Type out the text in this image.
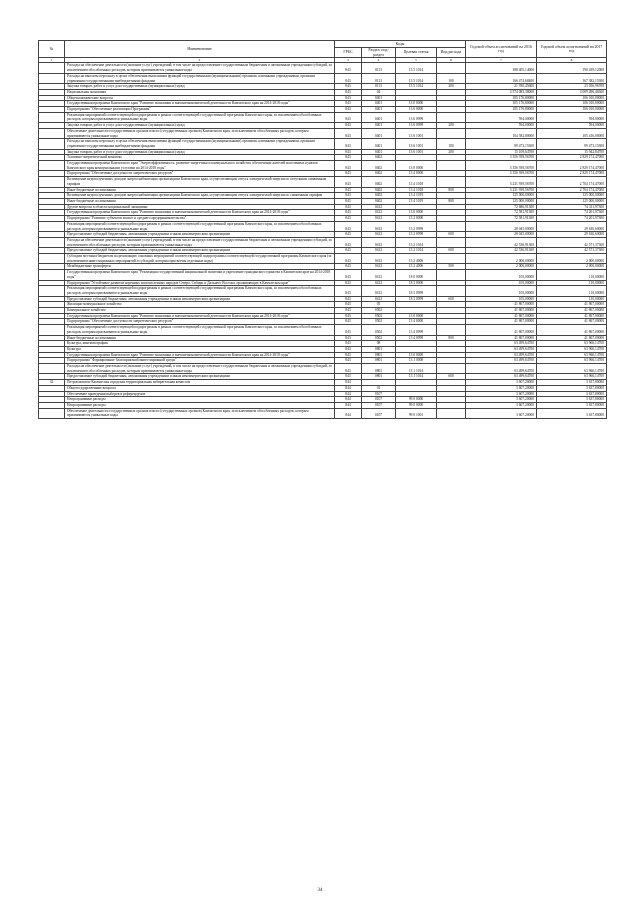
№	Наименование	Коды				Годовой объем ассигнований на 2016 год	Годовой объем ассигнований на 2017 год
		ГРБС	Раздел, под-раздел	Целевая статья	Вид расхода		
1	2	3	4	5	6	7	8
	Расходы на обеспечение деятельности (оказание услуг) учреждений, в том числе на предоставление государственным бюджетным и автономным учреждениям субсидий, за исключением обособленных расходов, которым присваиваются уникальные коды	843	0113	13 5 1014		188 405,14000	190 439,12000
	Расходы на выплаты персоналу в целях обеспечения выполнения функций государственными (муниципальными) органами, казенными учреждениями, органами управления государственными внебюджетными фондами	843	0113	13 5 1014	100	166 474,68400	167 382,15300
	Закупка товаров, работ и услуг для государственных (муниципальных) нужд	843	0113	13 5 1014	200	21 930,45600	23 056,96700
	Национальная экономика	843	04			3 574 083,38000	3 009 496,46300
	Общеэкономические вопросы	843	0401			105 176,80000	106 010,00000
	Государственная программа Камчатского края "Развитие экономики и внешнеэкономической деятельности Камчатского края на 2014-2018 годы"	843	0401	13 0 0000		105 176,80000	106 010,00000
	Подпрограмма "Обеспечение реализации Программы"	843	0401	13 6 0000		105 176,80000	106 010,00000
	Реализация мероприятий соответствующей подпрограммы в рамках соответствующей государственной программы Камчатского края, за исключением обособленных расходов, которым присваиваются уникальные коды	843	0401	13 6 0999		594,00000	594,00000
	Закупка товаров, работ и услуг для государственных (муниципальных) нужд	843	0401	13 6 0999	200	594,00000	594,00000
	Обеспечение деятельности государственных органов власти (государственных органов) Камчатского края, за исключением обособленных расходов, которым присваиваются уникальные коды	843	0401	13 6 1001		104 582,80000	105 416,00000
	Расходы на выплаты персоналу в целях обеспечения выполнения функций государственными (муниципальными) органами, казенными учреждениями, органами управления государственными внебюджетными фондами	843	0401	13 6 1001	100	89 473,15300	89 473,15300
	Закупка товаров, работ и услуг для государственных (муниципальных) нужд	843	0401	13 6 1001	200	15 109,64700	15 942,84700
	Топливно-энергетический комплекс	843	0402			3 356 939,56700	2 829 174,47000
	Государственная программа Камчатского края "Энергоэффективность, развитие энергетики и коммунального хозяйства, обеспечение жителей населенных пунктов Камчатского края коммунальными услугами на 2014-2018 годы"	843	0402	13 0 0000		3 356 939,56700	2 829 174,47000
	Подпрограмма "Обеспечение доступности энергетических ресурсов"	843	0402	13 4 0000		3 356 939,56700	2 829 174,47000
	Возмещение недополученных доходов энергоснабжающим организациям Камчатского края, осуществляющим отпуск электрической энергии по отпускным сниженным тарифам	843	0402	13 4 1018		3 231 939,56700	2 704 174,47000
	Иные бюджетные ассигнования	843	0402	13 4 1018	800	3 231 939,56700	2 704 174,47000
	Возмещение недополученных доходов энергоснабжающим организациям Камчатского края, осуществляющим отпуск электрической энергии по сниженным тарифам	843	0402	13 4 1019		125 000,00000	125 000,00000
	Иные бюджетные ассигнования	843	0402	13 4 1019	800	125 000,00000	125 000,00000
	Другие вопросы в области национальной экономики	843	0412			72 686,91300	74 311,97300
	Государственная программа Камчатского края "Развитие экономики и внешнеэкономической деятельности Камчатского края на 2014-2018 годы"	843	0412	13 0 0000		72 581,91300	74 201,97300
	Подпрограмма "Развитие субъектов малого и среднего предпринимательства"	843	0412	13 2 0000		72 581,91300	74 201,97300
	Реализация мероприятий соответствующей подпрограммы в рамках соответствующей государственной программы Камчатского края, за исключением обособленных расходов, которым присваиваются уникальные коды	843	0412	13 2 0999		28 045,00000	29 630,60000
	Предоставление субсидий бюджетным, автономным учреждениям и иным некоммерческим организациям	843	0412	13 2 0999	600	28 045,00000	29 630,60000
	Расходы на обеспечение деятельности (оказание услуг) учреждений, в том числе на предоставление государственным бюджетным и автономным учреждениям субсидий, за исключением обособленных расходов, которым присваиваются уникальные коды	843	0412	13 2 1014		42 536,91300	42 571,37300
	Предоставление субсидий бюджетным, автономным учреждениям и иным некоммерческим организациям	843	0412	13 2 1014	600	42 536,91300	42 571,37300
	Субсидии местным бюджетам на реализацию основных мероприятий соответствующей подпрограммы соответствующей государственной программы Камчатского края (за исключением инвестиционных мероприятий и субсидий, которым присвоены отдельные коды)	843	0412	13 2 4006		2 000,00000	2 000,00000
	Межбюджетные трансферты	843	0412	13 2 4006	500	2 000,00000	2 000,00000
	Государственная программа Камчатского края "Реализация государственной национальной политики и укрепление гражданского единства в Камчатском крае на 2014-2018 годы"	843	0412	18 0 0000		105,00000	110,00000
	Подпрограмма "Устойчивое развитие коренных малочисленных народов Севера, Сибири и Дальнего Востока, проживающих в Камчатском крае"	843	0412	18 3 0000		105,00000	110,00000
	Реализация мероприятий соответствующей подпрограммы в рамках соответствующей государственной программы Камчатского края, за исключением обособленных расходов, которым присваиваются уникальные коды	843	0412	18 3 0999		105,00000	110,00000
	Предоставление субсидий бюджетным, автономным учреждениям и иным некоммерческим организациям	843	0412	18 3 0999	600	105,00000	110,00000
	Жилищно-коммунальное хозяйство	843	05			41 867,00000	41 867,00000
	Коммунальное хозяйство	843	0502			41 867,00000	41 867,00000
	Государственная программа Камчатского края "Развитие экономики и внешнеэкономической деятельности Камчатского края на 2014-2018 годы"	843	0502	13 0 0000		41 867,00000	41 867,00000
	Подпрограмма "Обеспечение доступности энергетических ресурсов"	843	0502	13 4 0000		41 867,00000	41 867,00000
	Реализация мероприятий соответствующей подпрограммы в рамках соответствующей государственной программы Камчатского края, за исключением обособленных расходов, которым присваиваются уникальные коды	843	0502	13 4 0999		41 867,00000	41 867,00000
	Иные бюджетные ассигнования	843	0502	13 4 0999	800	41 867,00000	41 867,00000
	Культура, кинематография	843	08			63 499,64700	63 966,14700
	Культура	843	0801			63 499,64700	63 966,14700
	Государственная программа Камчатского края "Развитие экономики и внешнеэкономической деятельности Камчатского края на 2014-2018 годы"	843	0801	13 0 0000		63 499,64700	63 966,14700
	Подпрограмма "Формирование благоприятной инвестиционной среды"	843	0801	13 1 0000		63 499,64700	63 966,14700
	Расходы на обеспечение деятельности (оказание услуг) учреждений, в том числе на предоставление государственным бюджетным и автономным учреждениям субсидий, за исключением обособленных расходов, которым присваиваются уникальные коды	843	0801	13 1 1014		63 499,64700	63 966,14700
	Предоставление субсидий бюджетным, автономным учреждениям и иным некоммерческим организациям	843	0801	13 1 1014	600	63 499,64700	63 966,14700
32	Петропавловск-Камчатская городская территориальная избирательная комиссия	844				3 607,20000	3 637,80000
	Общегосударственные вопросы	844	01			3 607,20000	3 637,80000
	Обеспечение проведения выборов и референдумов	844	0107			3 607,20000	3 637,80000
	Непрограммные расходы	844	0107	99 0 0000		3 607,20000	3 637,80000
	Непрограммные расходы	844	0107	99 0 0000		3 607,20000	3 637,80000
	Обеспечение деятельности государственных органов власти (государственных органов) Камчатского края, за исключением обособленных расходов, которым присваиваются уникальные коды	844	0107	99 0 1001		3 607,20000	3 637,80000
34
